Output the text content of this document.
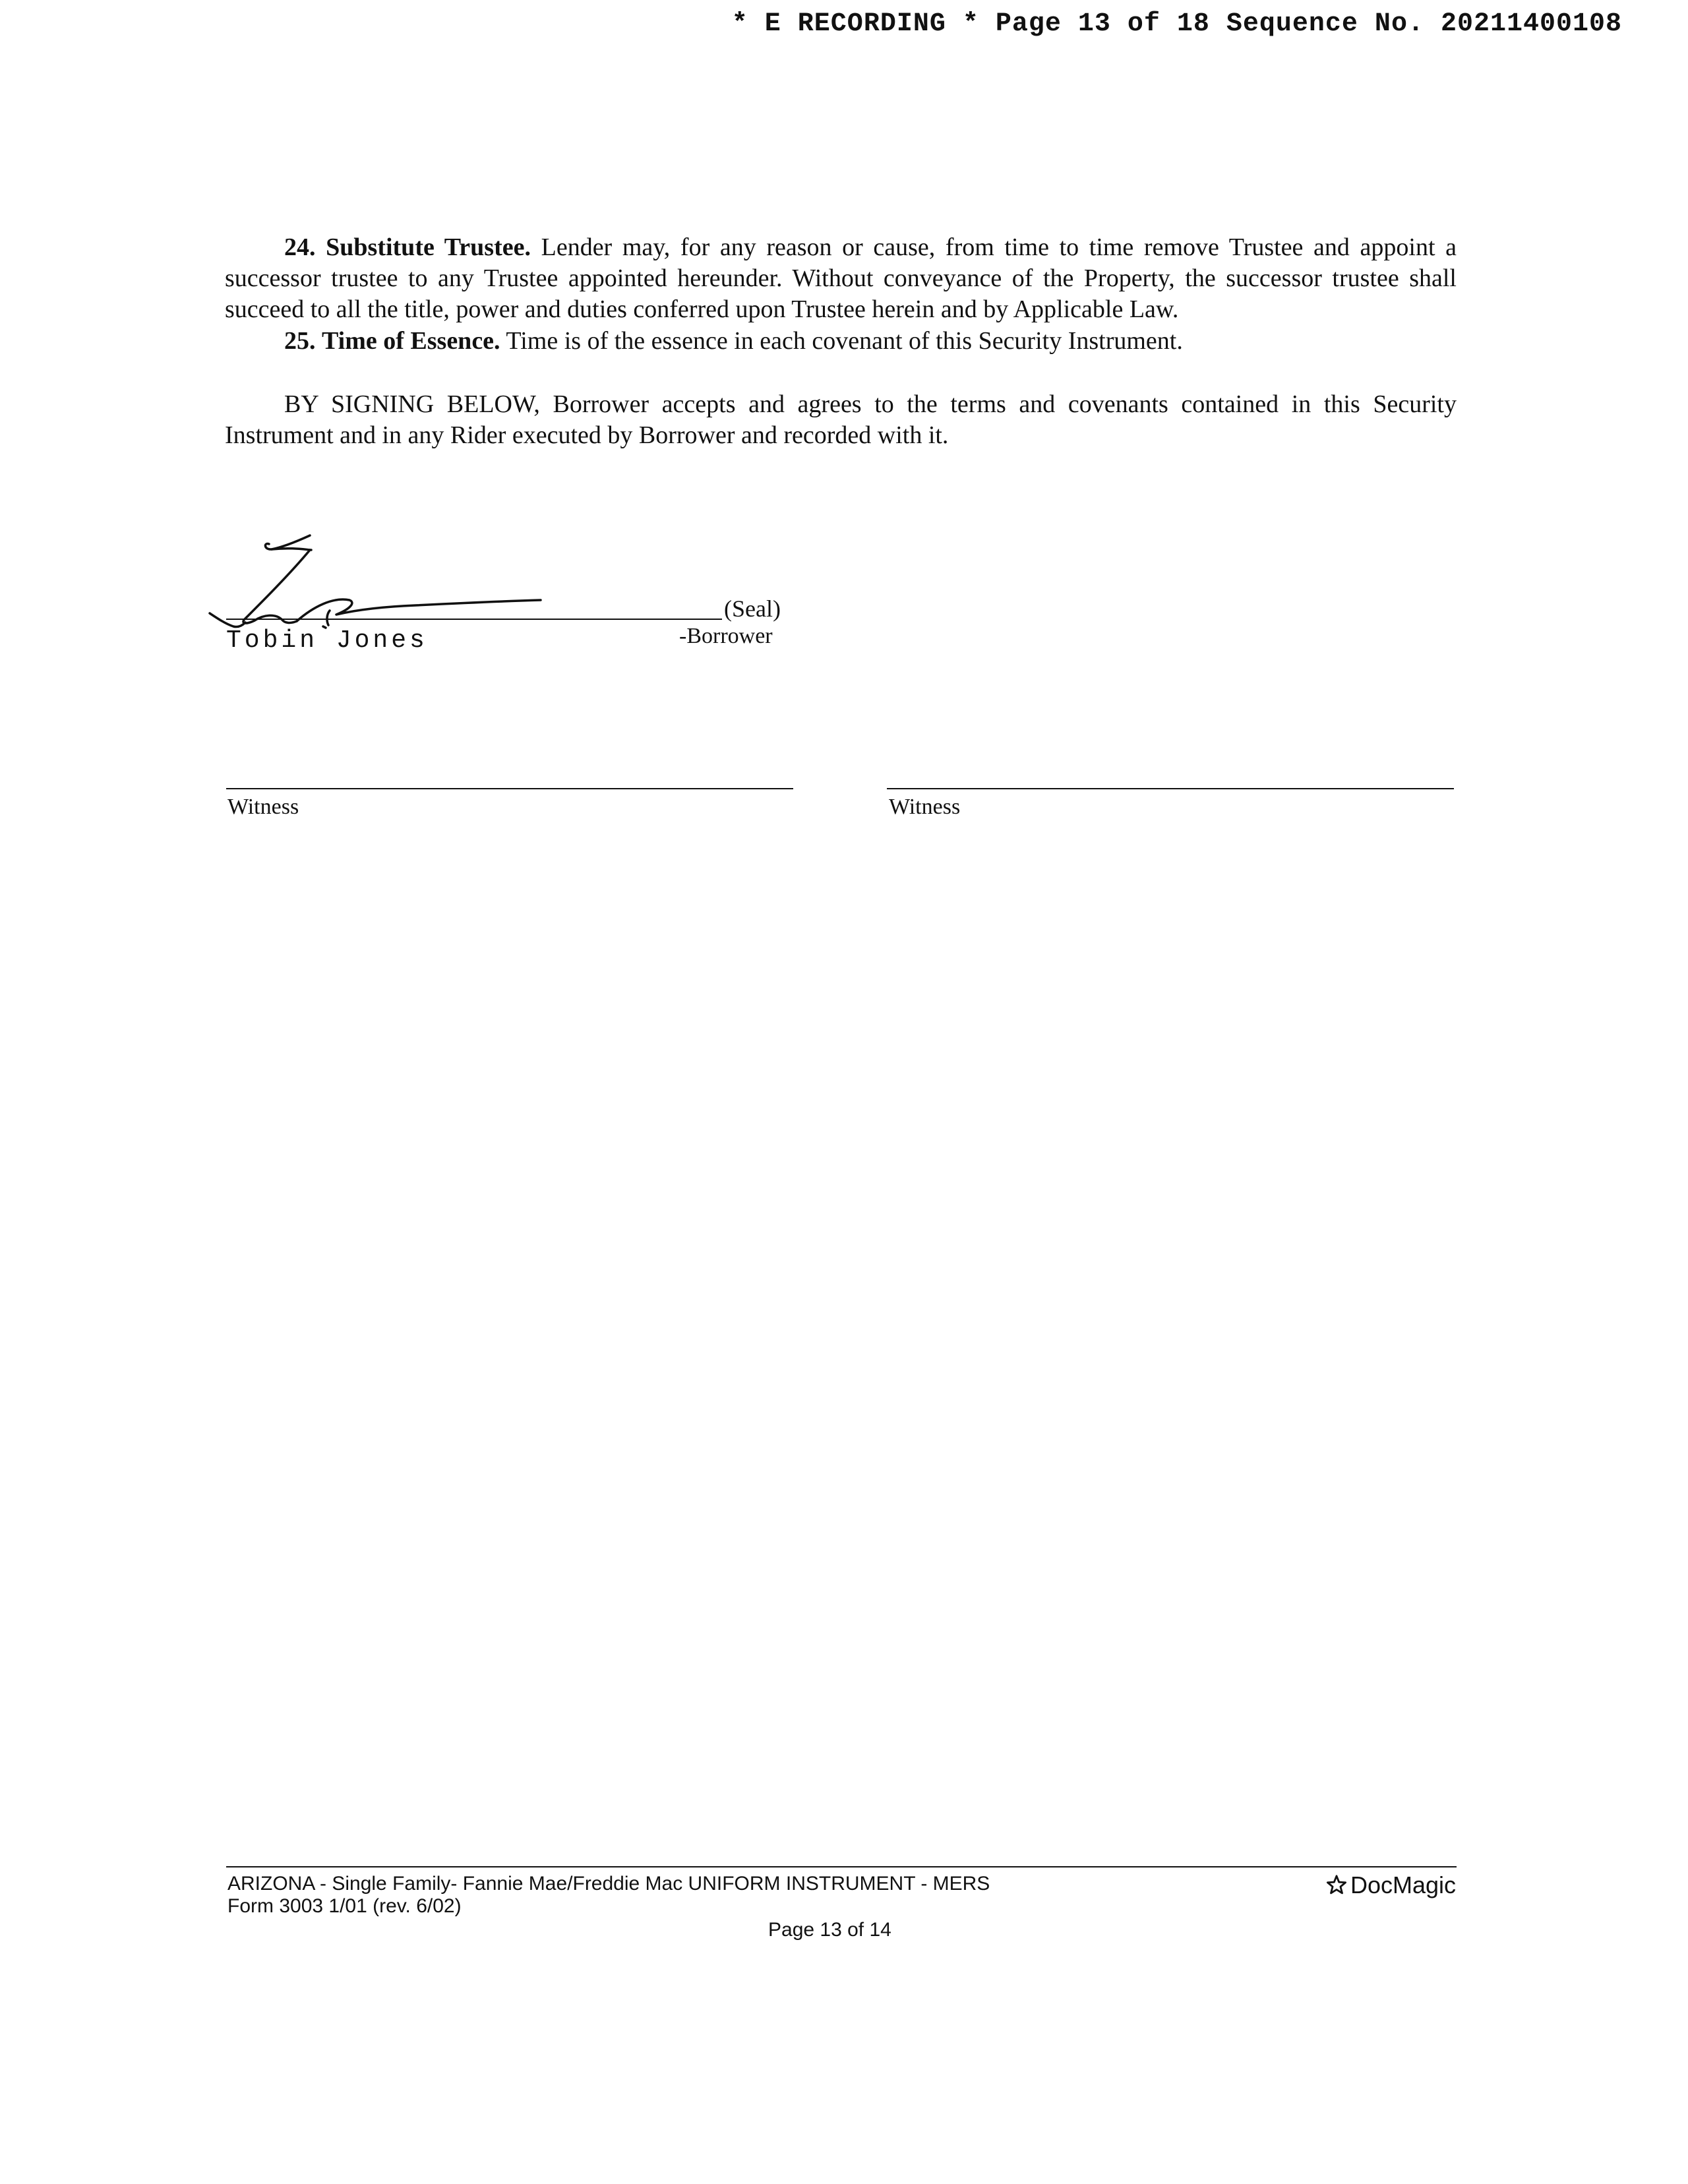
* E RECORDING * Page 13 of 18 Sequence No. 20211400108

24. Substitute Trustee. Lender may, for any reason or cause, from time to time remove Trustee and appoint a successor trustee to any Trustee appointed hereunder. Without conveyance of the Property, the successor trustee shall succeed to all the title, power and duties conferred upon Trustee herein and by Applicable Law.

25. Time of Essence. Time is of the essence in each covenant of this Security Instrument.

BY SIGNING BELOW, Borrower accepts and agrees to the terms and covenants contained in this Security Instrument and in any Rider executed by Borrower and recorded with it.

(Seal)
Tobin Jones	-Borrower
Witness	Witness
ARIZONA - Single Family- Fannie Mae/Freddie Mac UNIFORM INSTRUMENT - MERS
Form 3003 1/01 (rev. 6/02)
Page 13 of 14
DocMagic
